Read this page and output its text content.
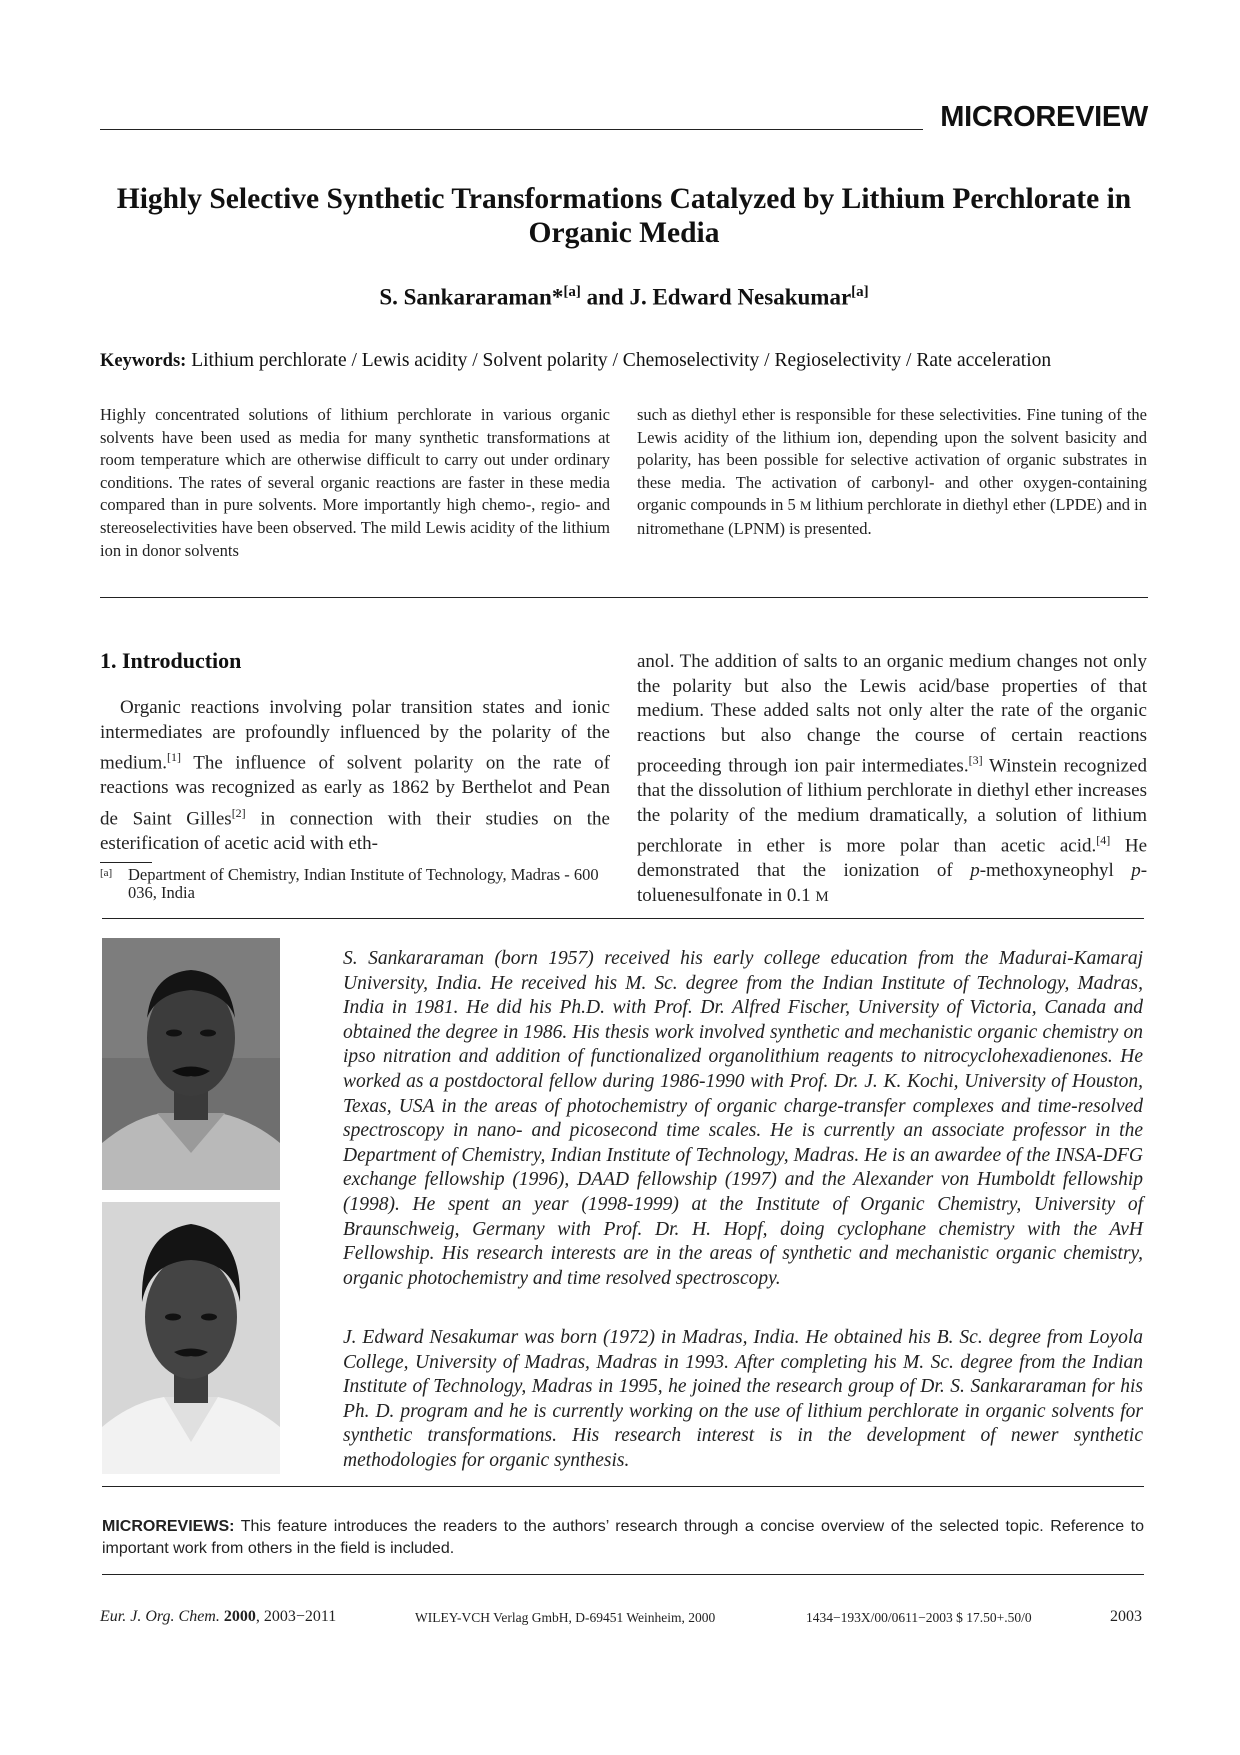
MICROREVIEW
Highly Selective Synthetic Transformations Catalyzed by Lithium Perchlorate in Organic Media
S. Sankararaman*[a] and J. Edward Nesakumar[a]
Keywords: Lithium perchlorate / Lewis acidity / Solvent polarity / Chemoselectivity / Regioselectivity / Rate acceleration
Highly concentrated solutions of lithium perchlorate in various organic solvents have been used as media for many synthetic transformations at room temperature which are otherwise difficult to carry out under ordinary conditions. The rates of several organic reactions are faster in these media compared than in pure solvents. More importantly high chemo-, regio- and stereoselectivities have been observed. The mild Lewis acidity of the lithium ion in donor solvents
such as diethyl ether is responsible for these selectivities. Fine tuning of the Lewis acidity of the lithium ion, depending upon the solvent basicity and polarity, has been possible for selective activation of organic substrates in these media. The activation of carbonyl- and other oxygen-containing organic compounds in 5 M lithium perchlorate in diethyl ether (LPDE) and in nitromethane (LPNM) is presented.
1. Introduction
Organic reactions involving polar transition states and ionic intermediates are profoundly influenced by the polarity of the medium.[1] The influence of solvent polarity on the rate of reactions was recognized as early as 1862 by Berthelot and Pean de Saint Gilles[2] in connection with their studies on the esterification of acetic acid with eth-
anol. The addition of salts to an organic medium changes not only the polarity but also the Lewis acid/base properties of that medium. These added salts not only alter the rate of the organic reactions but also change the course of certain reactions proceeding through ion pair intermediates.[3] Winstein recognized that the dissolution of lithium perchlorate in diethyl ether increases the polarity of the medium dramatically, a solution of lithium perchlorate in ether is more polar than acetic acid.[4] He demonstrated that the ionization of p-methoxyneophyl p-toluenesulfonate in 0.1 M
[a] Department of Chemistry, Indian Institute of Technology, Madras - 600 036, India
S. Sankararaman (born 1957) received his early college education from the Madurai-Kamaraj University, India. He received his M. Sc. degree from the Indian Institute of Technology, Madras, India in 1981. He did his Ph.D. with Prof. Dr. Alfred Fischer, University of Victoria, Canada and obtained the degree in 1986. His thesis work involved synthetic and mechanistic organic chemistry on ipso nitration and addition of functionalized organolithium reagents to nitrocyclohexadienones. He worked as a postdoctoral fellow during 1986-1990 with Prof. Dr. J. K. Kochi, University of Houston, Texas, USA in the areas of photochemistry of organic charge-transfer complexes and time-resolved spectroscopy in nano- and picosecond time scales. He is currently an associate professor in the Department of Chemistry, Indian Institute of Technology, Madras. He is an awardee of the INSA-DFG exchange fellowship (1996), DAAD fellowship (1997) and the Alexander von Humboldt fellowship (1998). He spent an year (1998-1999) at the Institute of Organic Chemistry, University of Braunschweig, Germany with Prof. Dr. H. Hopf, doing cyclophane chemistry with the AvH Fellowship. His research interests are in the areas of synthetic and mechanistic organic chemistry, organic photochemistry and time resolved spectroscopy.
J. Edward Nesakumar was born (1972) in Madras, India. He obtained his B. Sc. degree from Loyola College, University of Madras, Madras in 1993. After completing his M. Sc. degree from the Indian Institute of Technology, Madras in 1995, he joined the research group of Dr. S. Sankararaman for his Ph. D. program and he is currently working on the use of lithium perchlorate in organic solvents for synthetic transformations. His research interest is in the development of newer synthetic methodologies for organic synthesis.
MICROREVIEWS: This feature introduces the readers to the authors’ research through a concise overview of the selected topic. Reference to important work from others in the field is included.
Eur. J. Org. Chem. 2000, 2003−2011	WILEY-VCH Verlag GmbH, D-69451 Weinheim, 2000	1434−193X/00/0611−2003 $ 17.50+.50/0	2003
